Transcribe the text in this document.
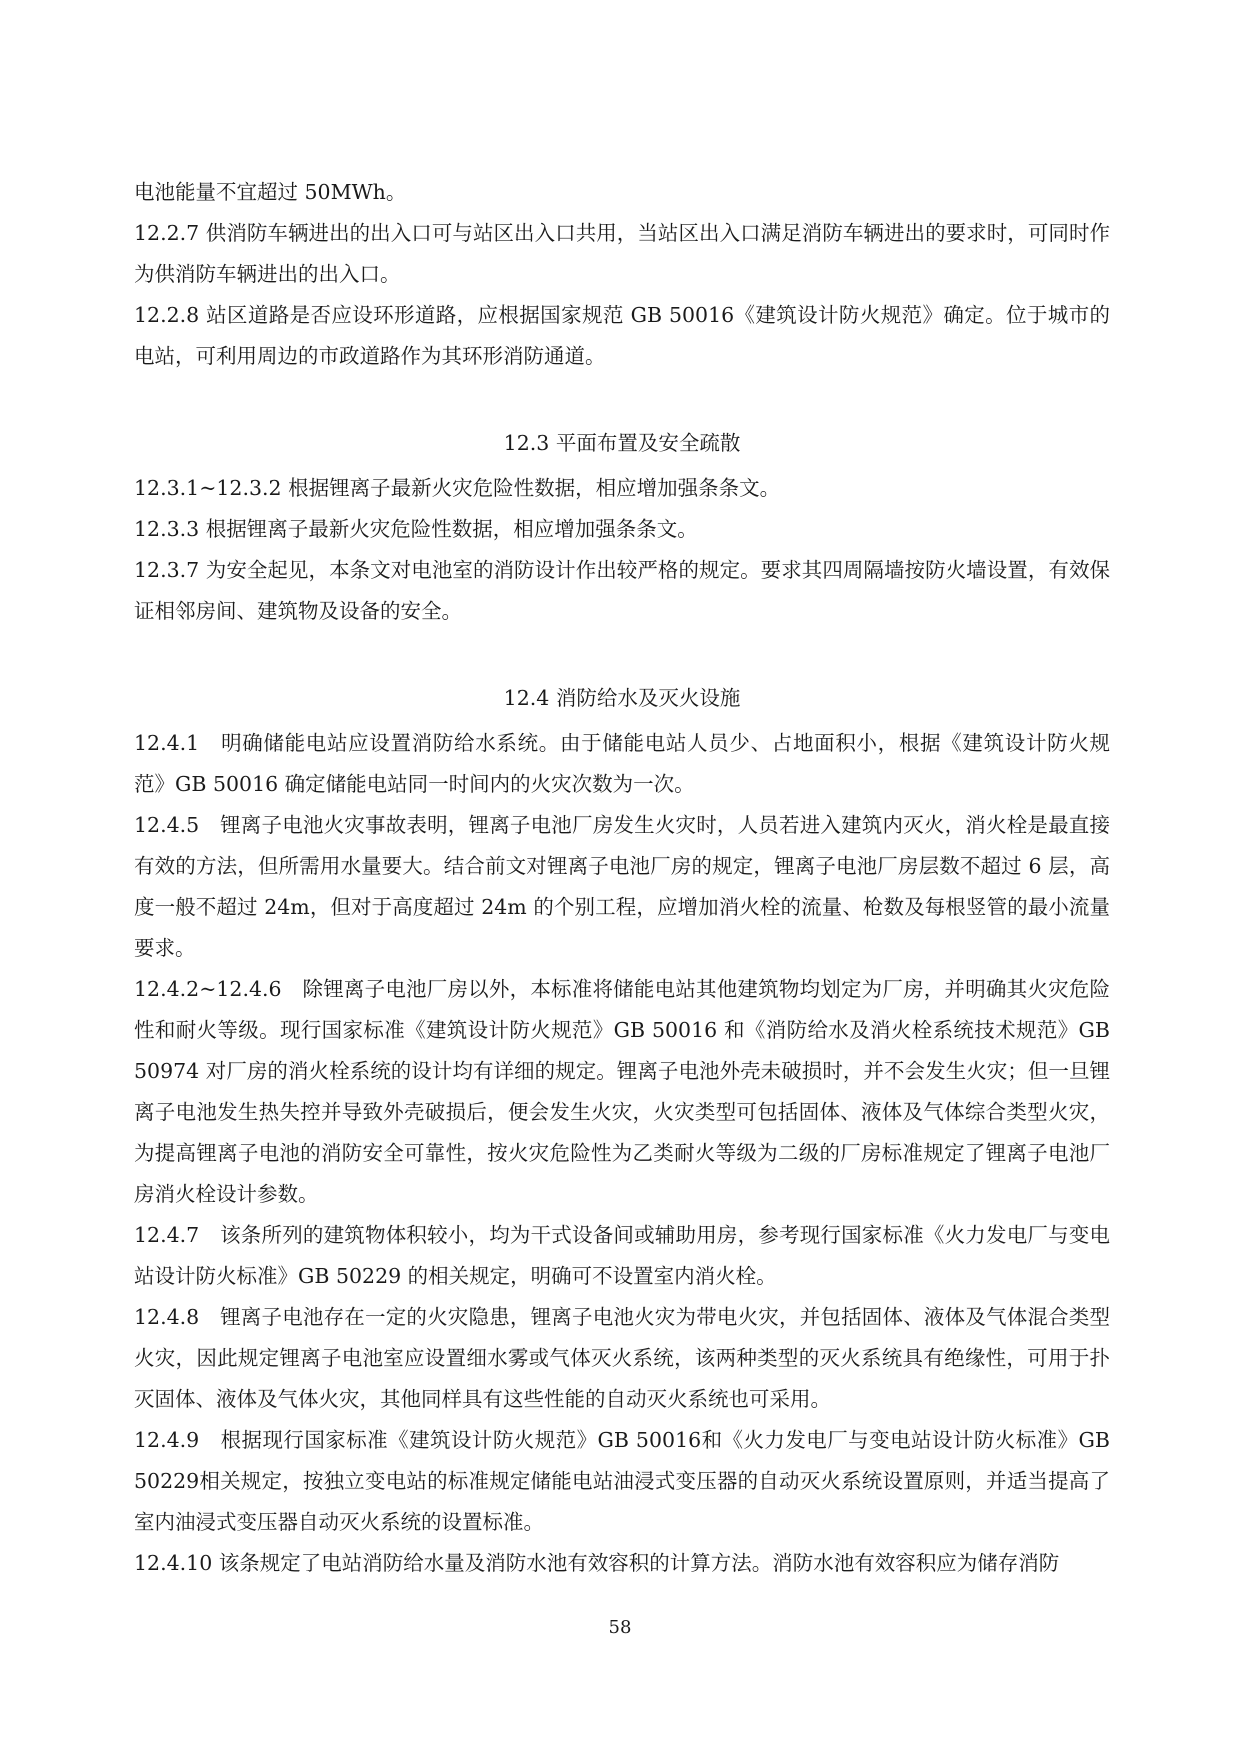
电池能量不宜超过 50MWh。

12.2.7 供消防车辆进出的出入口可与站区出入口共用，当站区出入口满足消防车辆进出的要求时，可同时作为供消防车辆进出的出入口。

12.2.8 站区道路是否应设环形道路，应根据国家规范 GB 50016《建筑设计防火规范》确定。位于城市的电站，可利用周边的市政道路作为其环形消防通道。

12.3 平面布置及安全疏散

12.3.1~12.3.2 根据锂离子最新火灾危险性数据，相应增加强条条文。

12.3.3 根据锂离子最新火灾危险性数据，相应增加强条条文。

12.3.7 为安全起见，本条文对电池室的消防设计作出较严格的规定。要求其四周隔墙按防火墙设置，有效保证相邻房间、建筑物及设备的安全。

12.4 消防给水及灭火设施

12.4.1　明确储能电站应设置消防给水系统。由于储能电站人员少、占地面积小，根据《建筑设计防火规范》GB 50016 确定储能电站同一时间内的火灾次数为一次。

12.4.5　锂离子电池火灾事故表明，锂离子电池厂房发生火灾时，人员若进入建筑内灭火，消火栓是最直接有效的方法，但所需用水量要大。结合前文对锂离子电池厂房的规定，锂离子电池厂房层数不超过 6 层，高度一般不超过 24m，但对于高度超过 24m 的个别工程，应增加消火栓的流量、枪数及每根竖管的最小流量要求。

12.4.2~12.4.6　除锂离子电池厂房以外，本标准将储能电站其他建筑物均划定为厂房，并明确其火灾危险性和耐火等级。现行国家标准《建筑设计防火规范》GB 50016 和《消防给水及消火栓系统技术规范》GB 50974 对厂房的消火栓系统的设计均有详细的规定。锂离子电池外壳未破损时，并不会发生火灾；但一旦锂离子电池发生热失控并导致外壳破损后，便会发生火灾，火灾类型可包括固体、液体及气体综合类型火灾，为提高锂离子电池的消防安全可靠性，按火灾危险性为乙类耐火等级为二级的厂房标准规定了锂离子电池厂房消火栓设计参数。

12.4.7　该条所列的建筑物体积较小，均为干式设备间或辅助用房，参考现行国家标准《火力发电厂与变电站设计防火标准》GB 50229 的相关规定，明确可不设置室内消火栓。

12.4.8　锂离子电池存在一定的火灾隐患，锂离子电池火灾为带电火灾，并包括固体、液体及气体混合类型火灾，因此规定锂离子电池室应设置细水雾或气体灭火系统，该两种类型的灭火系统具有绝缘性，可用于扑灭固体、液体及气体火灾，其他同样具有这些性能的自动灭火系统也可采用。

12.4.9　根据现行国家标准《建筑设计防火规范》GB 50016和《火力发电厂与变电站设计防火标准》GB 50229相关规定，按独立变电站的标准规定储能电站油浸式变压器的自动灭火系统设置原则，并适当提高了室内油浸式变压器自动灭火系统的设置标准。

12.4.10 该条规定了电站消防给水量及消防水池有效容积的计算方法。消防水池有效容积应为储存消防

58
